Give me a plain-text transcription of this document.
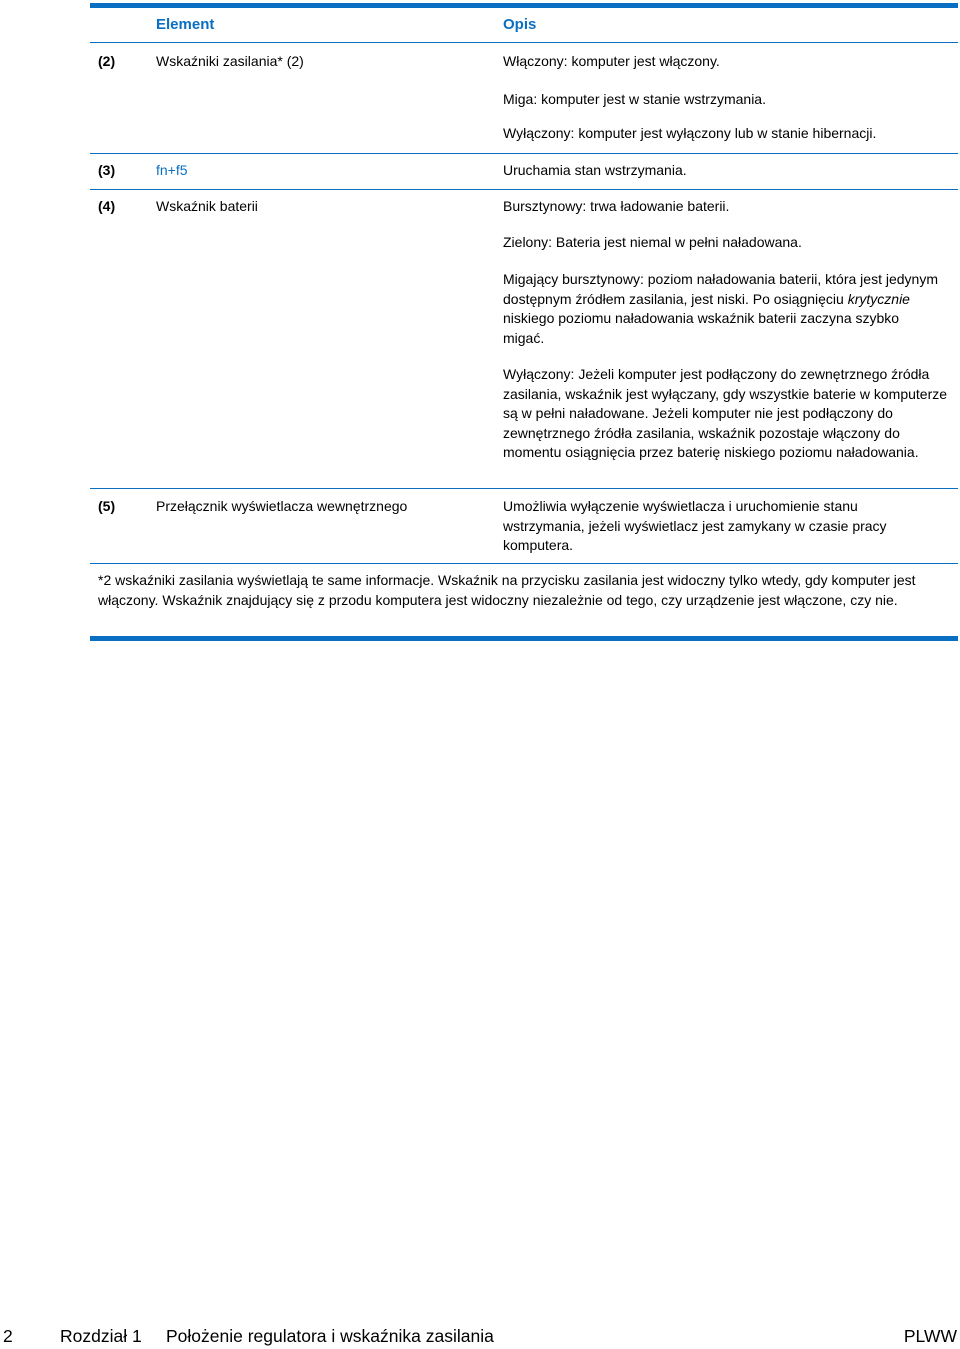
Element	Opis
(2)	Wskaźniki zasilania* (2)	Włączony: komputer jest włączony.
Miga: komputer jest w stanie wstrzymania.
Wyłączony: komputer jest wyłączony lub w stanie hibernacji.
(3)	fn+f5	Uruchamia stan wstrzymania.
(4)	Wskaźnik baterii	Bursztynowy: trwa ładowanie baterii.
Zielony: Bateria jest niemal w pełni naładowana.
Migający bursztynowy: poziom naładowania baterii, która jest jedynym dostępnym źródłem zasilania, jest niski. Po osiągnięciu krytycznie niskiego poziomu naładowania wskaźnik baterii zaczyna szybko migać.
Wyłączony: Jeżeli komputer jest podłączony do zewnętrznego źródła zasilania, wskaźnik jest wyłączany, gdy wszystkie baterie w komputerze są w pełni naładowane. Jeżeli komputer nie jest podłączony do zewnętrznego źródła zasilania, wskaźnik pozostaje włączony do momentu osiągnięcia przez baterię niskiego poziomu naładowania.
(5)	Przełącznik wyświetlacza wewnętrznego	Umożliwia wyłączenie wyświetlacza i uruchomienie stanu wstrzymania, jeżeli wyświetlacz jest zamykany w czasie pracy komputera.
*2 wskaźniki zasilania wyświetlają te same informacje. Wskaźnik na przycisku zasilania jest widoczny tylko wtedy, gdy komputer jest włączony. Wskaźnik znajdujący się z przodu komputera jest widoczny niezależnie od tego, czy urządzenie jest włączone, czy nie.
2	Rozdział 1 Położenie regulatora i wskaźnika zasilania	PLWW
